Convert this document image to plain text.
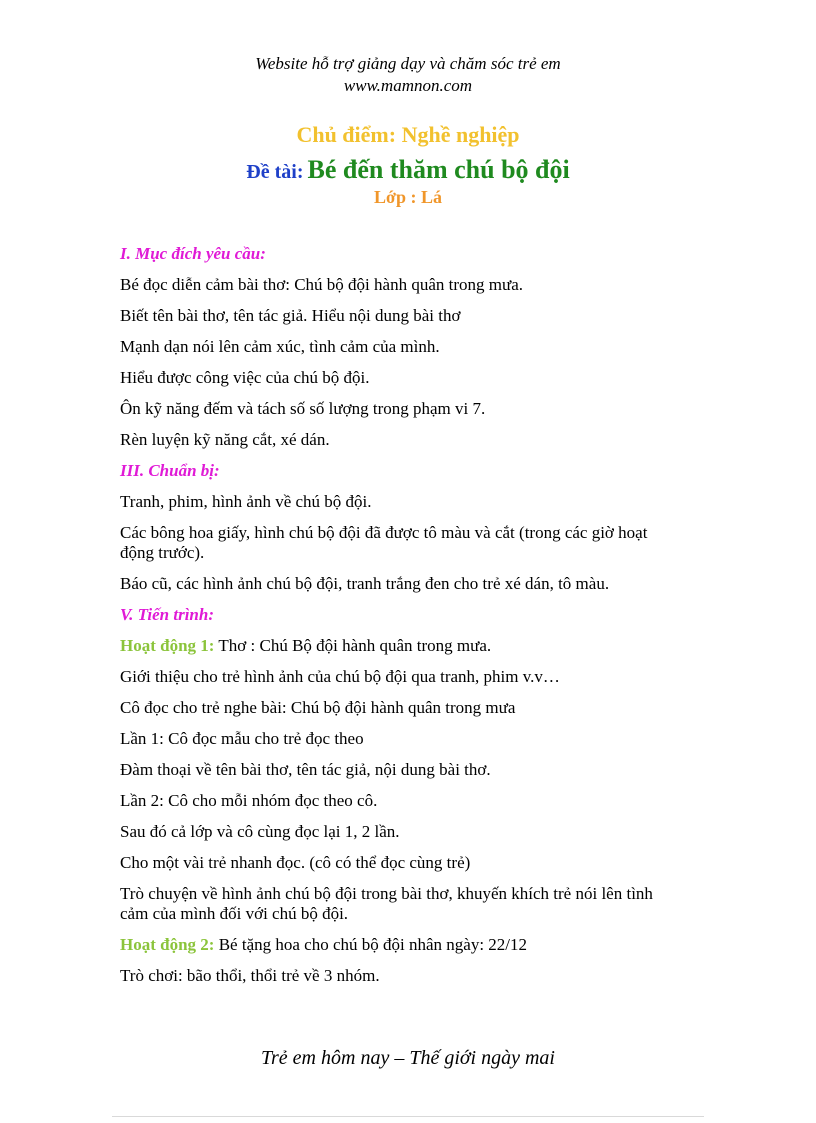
Website hỗ trợ giảng dạy và chăm sóc trẻ em
www.mamnon.com
Chủ điểm: Nghề nghiệp
Đề tài: Bé đến thăm chú bộ đội
Lớp : Lá

I. Mục đích yêu cầu:

Bé đọc diễn cảm bài thơ: Chú bộ đội hành quân trong mưa.

Biết tên bài thơ, tên tác giả. Hiểu nội dung bài thơ

Mạnh dạn nói lên cảm xúc, tình cảm của mình.

Hiểu được công việc của chú bộ đội.

Ôn kỹ năng đếm và tách số số lượng trong phạm vi 7.

Rèn luyện kỹ năng cắt, xé dán.

III. Chuẩn bị:

Tranh, phim, hình ảnh về chú bộ đội.

Các bông hoa giấy, hình chú bộ đội đã được tô màu và cắt (trong các giờ hoạt động trước).

Báo cũ, các hình ảnh chú bộ đội, tranh trắng đen cho trẻ xé dán, tô màu.

V. Tiến trình:

Hoạt động 1: Thơ : Chú Bộ đội hành quân trong mưa.

Giới thiệu cho trẻ hình ảnh của chú bộ đội qua tranh, phim v.v…

Cô đọc cho trẻ nghe bài: Chú bộ đội hành quân trong mưa

Lần 1: Cô đọc mẫu cho trẻ đọc theo

Đàm thoại về tên bài thơ, tên tác giả, nội dung bài thơ.

Lần 2: Cô cho mỗi nhóm đọc theo cô.

Sau đó cả lớp và cô cùng đọc lại 1, 2 lần.

Cho một vài trẻ nhanh đọc. (cô có thể đọc cùng trẻ)

Trò chuyện về hình ảnh chú bộ đội trong bài thơ, khuyến khích trẻ nói lên tình cảm của mình đối với chú bộ đội.

Hoạt động 2: Bé tặng hoa cho chú bộ đội nhân ngày: 22/12

Trò chơi: bão thổi, thổi trẻ về 3 nhóm.

Trẻ em hôm nay – Thế giới ngày mai
